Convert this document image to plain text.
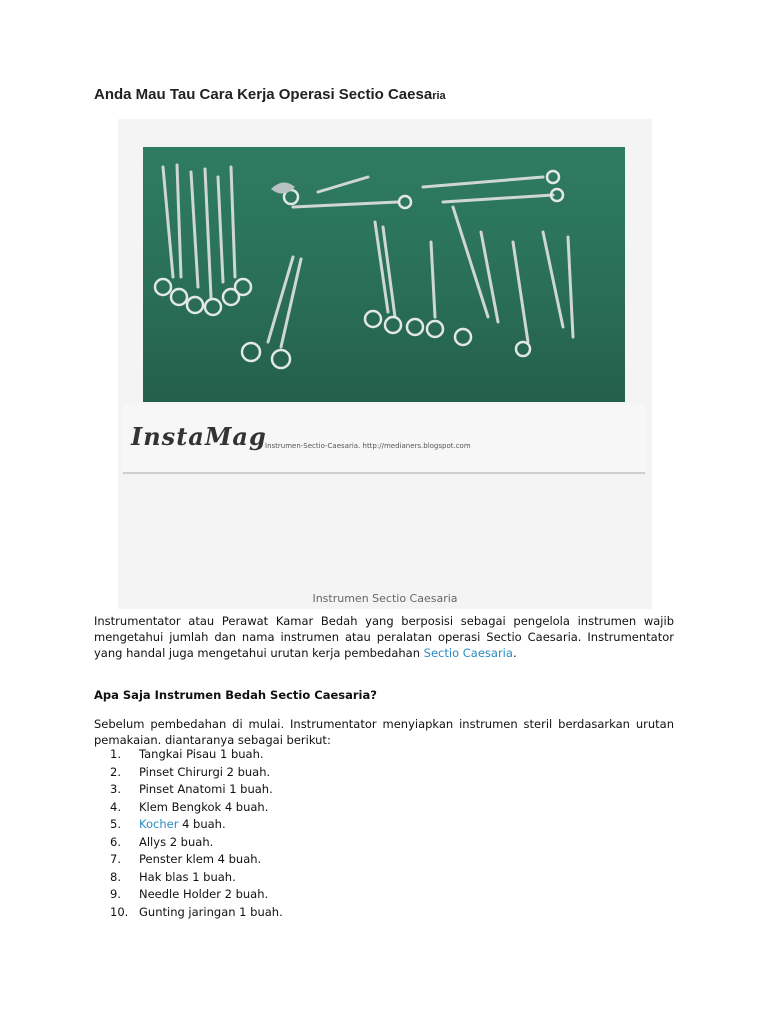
Anda Mau Tau Cara Kerja Operasi Sectio Caesaria
InstaMag
Instrumen-Sectio-Caesaria. http://medianers.blogspot.com
Instrumen Sectio Caesaria

Instrumentator atau Perawat Kamar Bedah yang berposisi sebagai pengelola instrumen wajib mengetahui jumlah dan nama instrumen atau peralatan operasi Sectio Caesaria. Instrumentator yang handal juga mengetahui urutan kerja pembedahan Sectio Caesaria.

Apa Saja Instrumen Bedah Sectio Caesaria?

Sebelum pembedahan di mulai. Instrumentator menyiapkan instrumen steril berdasarkan urutan pemakaian. diantaranya sebagai berikut:

1. Tangkai Pisau 1 buah.
2. Pinset Chirurgi 2 buah.
3. Pinset Anatomi 1 buah.
4. Klem Bengkok 4 buah.
5. Kocher 4 buah.
6. Allys 2 buah.
7. Penster klem 4 buah.
8. Hak blas 1 buah.
9. Needle Holder 2 buah.
10. Gunting jaringan 1 buah.
